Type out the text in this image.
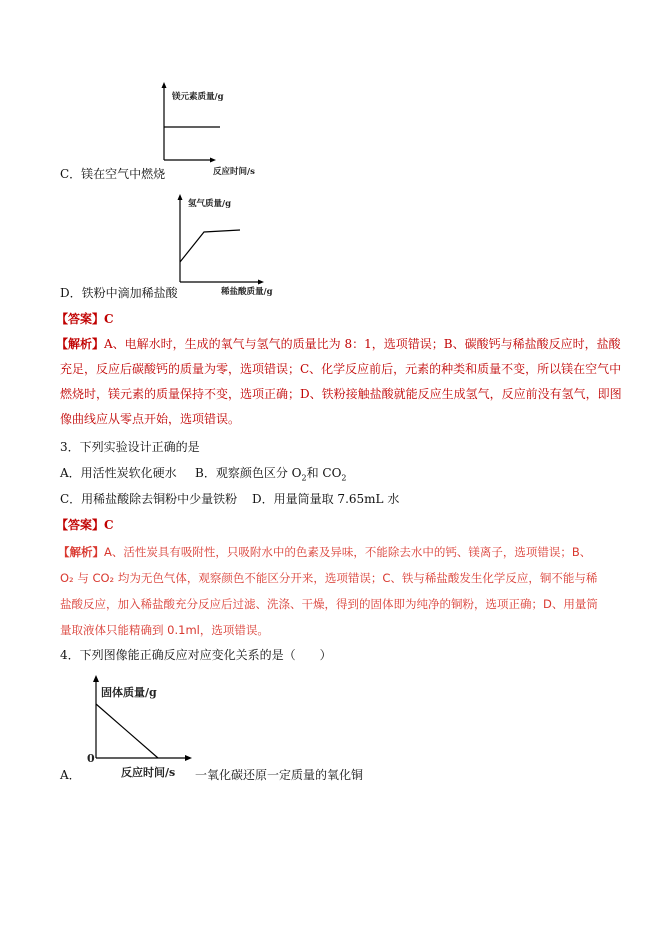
镁元素质量/g
反应时间/s
C．镁在空气中燃烧
氢气质量/g
稀盐酸质量/g
D．铁粉中滴加稀盐酸
【答案】 C
【解析】 A、电解水时，生成的氧气与氢气的质量比为 8：1，选项错误；B、碳酸钙与稀盐酸反应时，盐酸
充足，反应后碳酸钙的质量为零，选项错误；C、化学反应前后，元素的种类和质量不变，所以镁在空气中
燃烧时，镁元素的质量保持不变，选项正确；D、铁粉接触盐酸就能反应生成氢气，反应前没有氢气，即图
像曲线应从零点开始，选项错误。
3．下列实验设计正确的是
A．用活性炭软化硬水 B．观察颜色区分 $O_2$和 $CO_2$
C．用稀盐酸除去铜粉中少量铁粉 D．用量筒量取 7.65mL 水
【答案】 C
【解析】 A、活性炭具有吸附性，只吸附水中的色素及异味，不能除去水中的钙、镁离子，选项错误；B、
O₂ 与 CO₂ 均为无色气体，观察颜色不能区分开来，选项错误；C、铁与稀盐酸发生化学反应，铜不能与稀
盐酸反应，加入稀盐酸充分反应后过滤、洗涤、干燥，得到的固体即为纯净的铜粉，选项正确；D、用量筒
量取液体只能精确到 0.1ml，选项错误。
4．下列图像能正确反应对应变化关系的是（　　）
固体质量/g
0
反应时间/s
A．	一氧化碳还原一定质量的氧化铜
